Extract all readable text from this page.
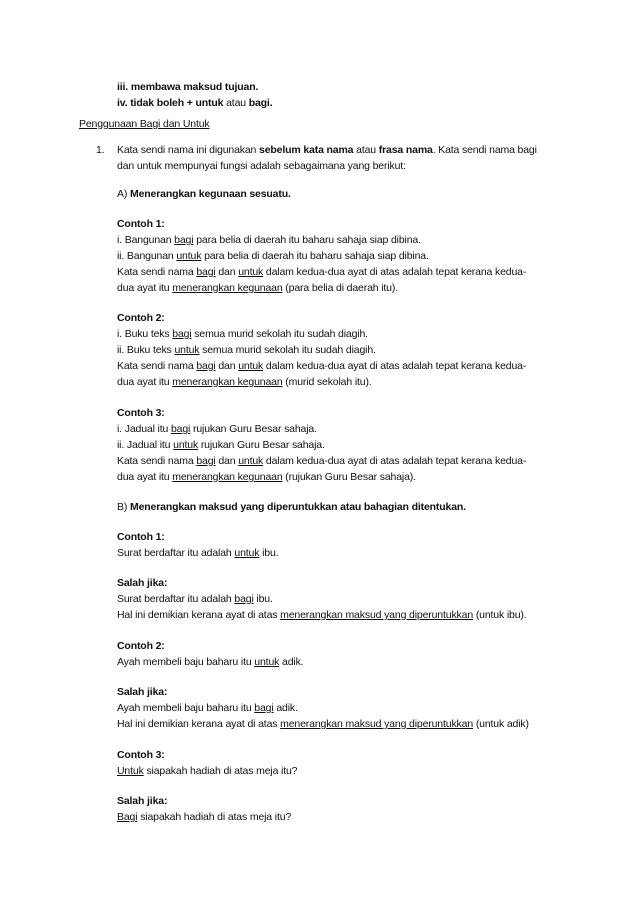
iii. membawa maksud tujuan.
iv. tidak boleh + untuk atau bagi.
Penggunaan Bagi dan Untuk
1. Kata sendi nama ini digunakan sebelum kata nama atau frasa nama. Kata sendi nama bagi
dan untuk mempunyai fungsi adalah sebagaimana yang berikut:
A) Menerangkan kegunaan sesuatu.
Contoh 1:
i. Bangunan bagi para belia di daerah itu baharu sahaja siap dibina.
ii. Bangunan untuk para belia di daerah itu baharu sahaja siap dibina.
Kata sendi nama bagi dan untuk dalam kedua-dua ayat di atas adalah tepat kerana kedua-
dua ayat itu menerangkan kegunaan (para belia di daerah itu).
Contoh 2:
i. Buku teks bagi semua murid sekolah itu sudah diagih.
ii. Buku teks untuk semua murid sekolah itu sudah diagih.
Kata sendi nama bagi dan untuk dalam kedua-dua ayat di atas adalah tepat kerana kedua-
dua ayat itu menerangkan kegunaan (murid sekolah itu).
Contoh 3:
i. Jadual itu bagi rujukan Guru Besar sahaja.
ii. Jadual itu untuk rujukan Guru Besar sahaja.
Kata sendi nama bagi dan untuk dalam kedua-dua ayat di atas adalah tepat kerana kedua-
dua ayat itu menerangkan kegunaan (rujukan Guru Besar sahaja).
B) Menerangkan maksud yang diperuntukkan atau bahagian ditentukan.
Contoh 1:
Surat berdaftar itu adalah untuk ibu.
Salah jika:
Surat berdaftar itu adalah bagi ibu.
Hal ini demikian kerana ayat di atas menerangkan maksud yang diperuntukkan (untuk ibu).
Contoh 2:
Ayah membeli baju baharu itu untuk adik.
Salah jika:
Ayah membeli baju baharu itu bagi adik.
Hal ini demikian kerana ayat di atas menerangkan maksud yang diperuntukkan (untuk adik)
Contoh 3:
Untuk siapakah hadiah di atas meja itu?
Salah jika:
Bagi siapakah hadiah di atas meja itu?
